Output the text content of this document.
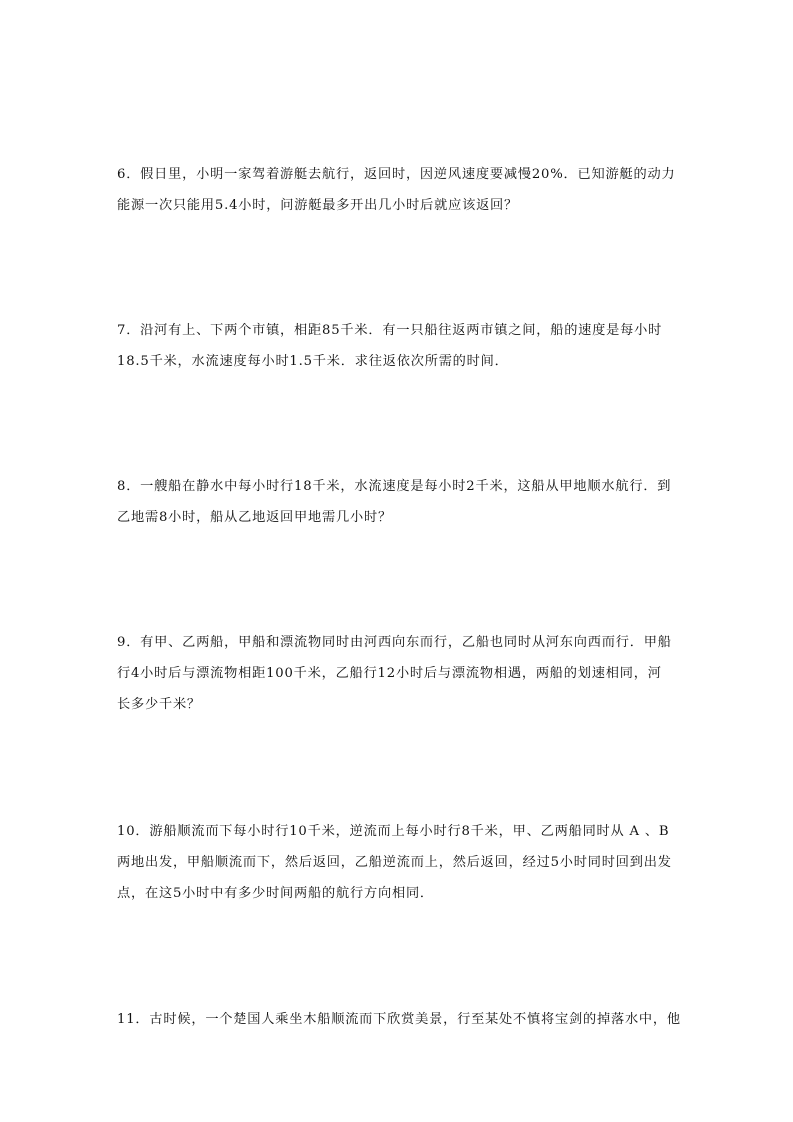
6．假日里，小明一家驾着游艇去航行，返回时，因逆风速度要减慢20%．已知游艇的动力

能源一次只能用5.4小时，问游艇最多开出几小时后就应该返回？

7．沿河有上、下两个市镇，相距85千米．有一只船往返两市镇之间，船的速度是每小时

18.5千米，水流速度每小时1.5千米．求往返依次所需的时间．

8．一艘船在静水中每小时行18千米，水流速度是每小时2千米，这船从甲地顺水航行．到

乙地需8小时，船从乙地返回甲地需几小时？

9．有甲、乙两船，甲船和漂流物同时由河西向东而行，乙船也同时从河东向西而行．甲船

行4小时后与漂流物相距100千米，乙船行12小时后与漂流物相遇，两船的划速相同，河

长多少千米？

10．游船顺流而下每小时行10千米，逆流而上每小时行8千米，甲、乙两船同时从 A 、B

两地出发，甲船顺流而下，然后返回，乙船逆流而上，然后返回，经过5小时同时回到出发

点，在这5小时中有多少时间两船的航行方向相同．

11．古时候，一个楚国人乘坐木船顺流而下欣赏美景，行至某处不慎将宝剑的掉落水中，他
